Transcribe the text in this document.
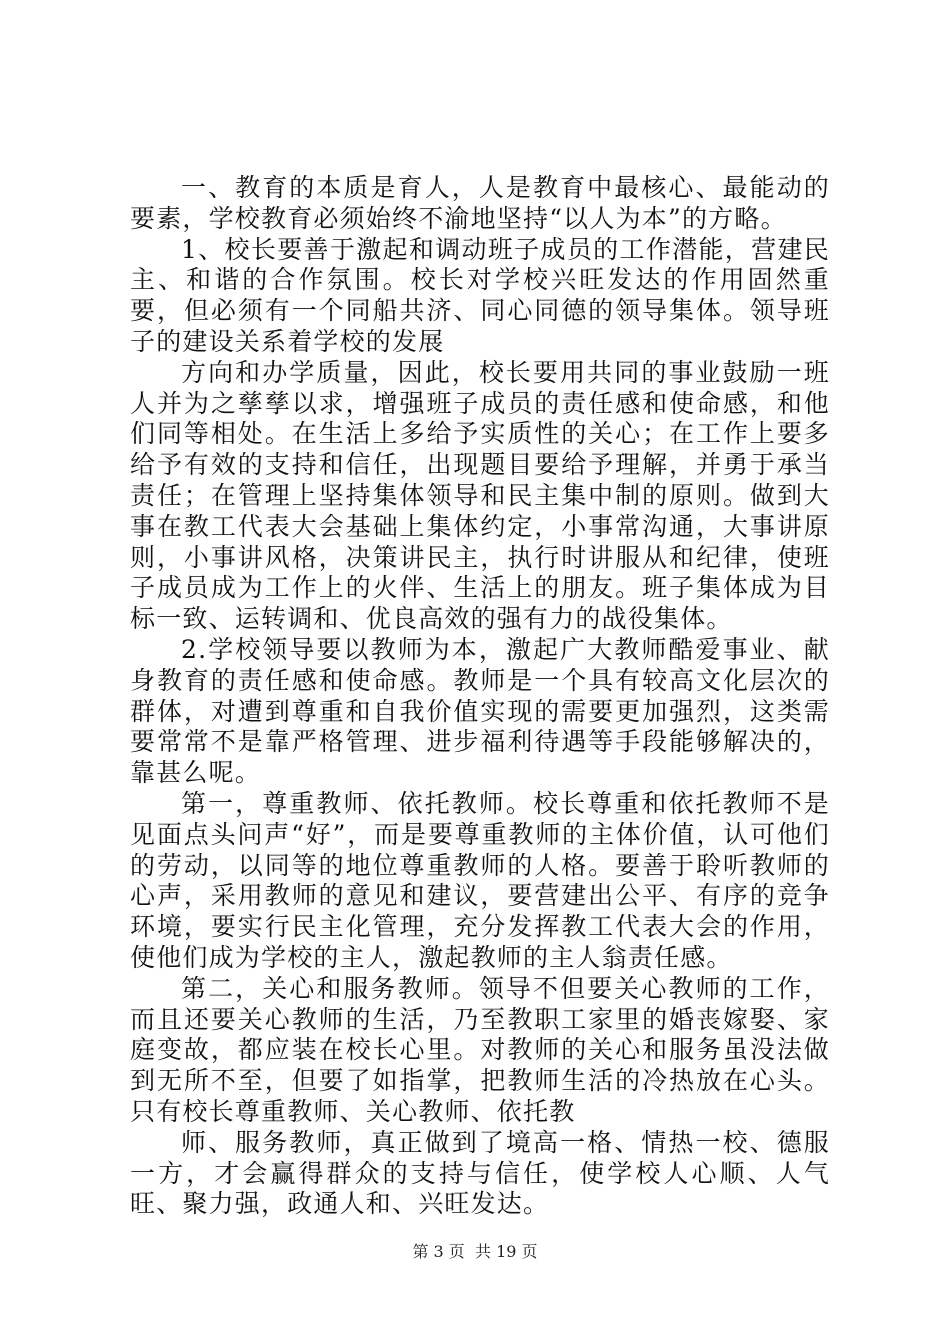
一、教育的本质是育人，人是教育中最核心、最能动的要素，学校教育必须始终不渝地坚持“以人为本”的方略。

1、校长要善于激起和调动班子成员的工作潜能，营建民主、和谐的合作氛围。校长对学校兴旺发达的作用固然重要，但必须有一个同船共济、同心同德的领导集体。领导班子的建设关系着学校的发展

方向和办学质量，因此，校长要用共同的事业鼓励一班人并为之孳孳以求，增强班子成员的责任感和使命感，和他们同等相处。在生活上多给予实质性的关心；在工作上要多给予有效的支持和信任，出现题目要给予理解，并勇于承当责任；在管理上坚持集体领导和民主集中制的原则。做到大事在教工代表大会基础上集体约定，小事常沟通，大事讲原则，小事讲风格，决策讲民主，执行时讲服从和纪律，使班子成员成为工作上的火伴、生活上的朋友。班子集体成为目标一致、运转调和、优良高效的强有力的战役集体。

2.学校领导要以教师为本，激起广大教师酷爱事业、献身教育的责任感和使命感。教师是一个具有较高文化层次的群体，对遭到尊重和自我价值实现的需要更加强烈，这类需要常常不是靠严格管理、进步福利待遇等手段能够解决的，靠甚么呢。

第一，尊重教师、依托教师。校长尊重和依托教师不是见面点头问声“好”，而是要尊重教师的主体价值，认可他们的劳动，以同等的地位尊重教师的人格。要善于聆听教师的心声，采用教师的意见和建议，要营建出公平、有序的竞争环境，要实行民主化管理，充分发挥教工代表大会的作用，使他们成为学校的主人，激起教师的主人翁责任感。

第二，关心和服务教师。领导不但要关心教师的工作，而且还要关心教师的生活，乃至教职工家里的婚丧嫁娶、家庭变故，都应装在校长心里。对教师的关心和服务虽没法做到无所不至，但要了如指掌，把教师生活的冷热放在心头。只有校长尊重教师、关心教师、依托教

师、服务教师，真正做到了境高一格、情热一校、德服一方，才会赢得群众的支持与信任，使学校人心顺、人气旺、聚力强，政通人和、兴旺发达。

第 3 页 共 19 页
